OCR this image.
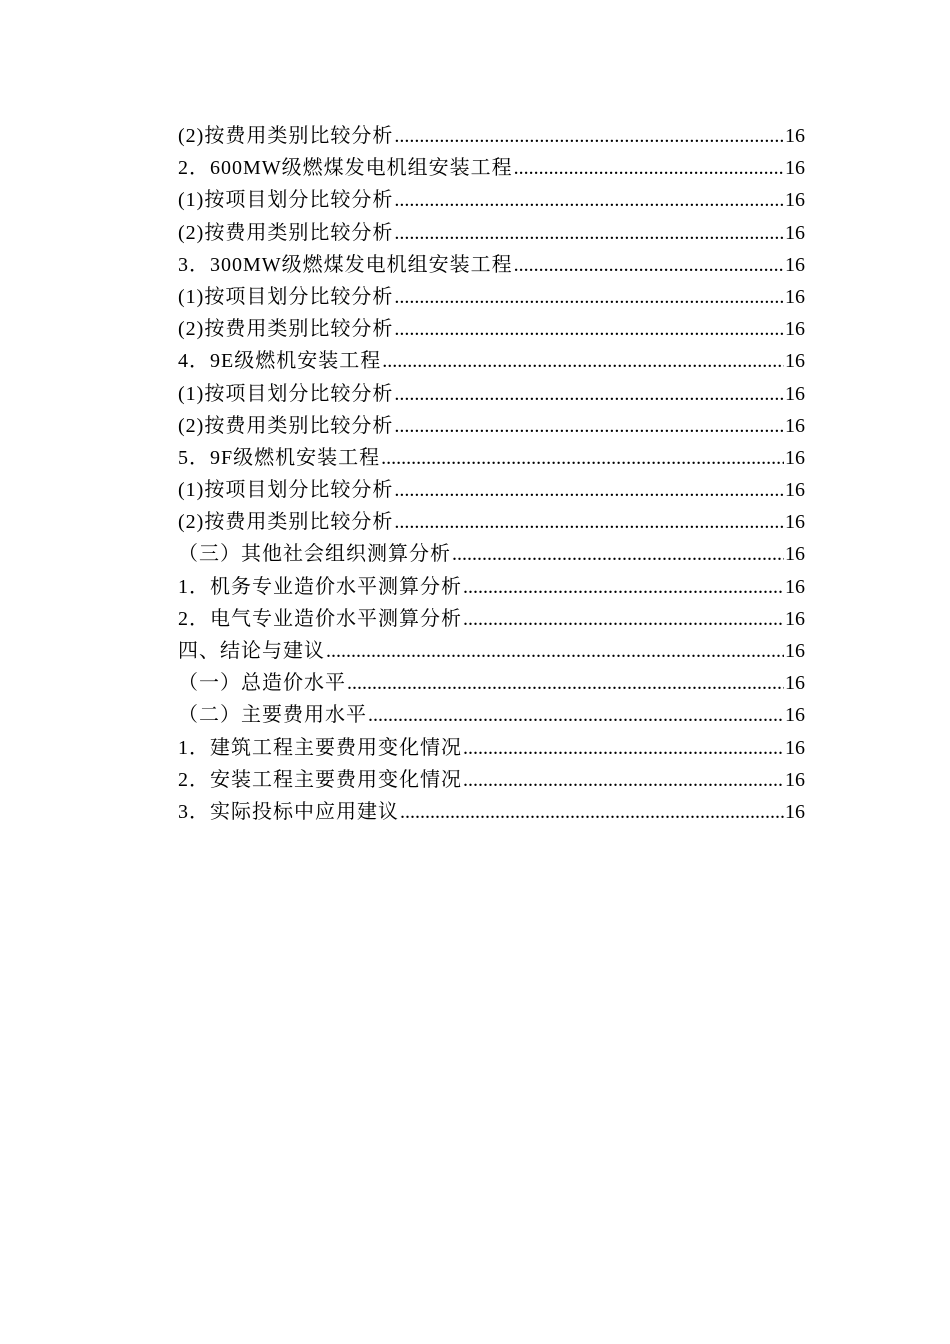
(2)按费用类别比较分析 .....	16
2．600MW级燃煤发电机组安装工程 .....	16
(1)按项目划分比较分析 .....	16
(2)按费用类别比较分析 .....	16
3．300MW级燃煤发电机组安装工程 .....	16
(1)按项目划分比较分析 .....	16
(2)按费用类别比较分析 .....	16
4．9E级燃机安装工程 .....	16
(1)按项目划分比较分析 .....	16
(2)按费用类别比较分析 .....	16
5．9F级燃机安装工程 .....	16
(1)按项目划分比较分析 .....	16
(2)按费用类别比较分析 .....	16
（三）其他社会组织测算分析 .....	16
1．机务专业造价水平测算分析 .....	16
2．电气专业造价水平测算分析 .....	16
四、结论与建议 .....	16
（一）总造价水平 .....	16
（二）主要费用水平 .....	16
1．建筑工程主要费用变化情况 .....	16
2．安装工程主要费用变化情况 .....	16
3．实际投标中应用建议 .....	16
